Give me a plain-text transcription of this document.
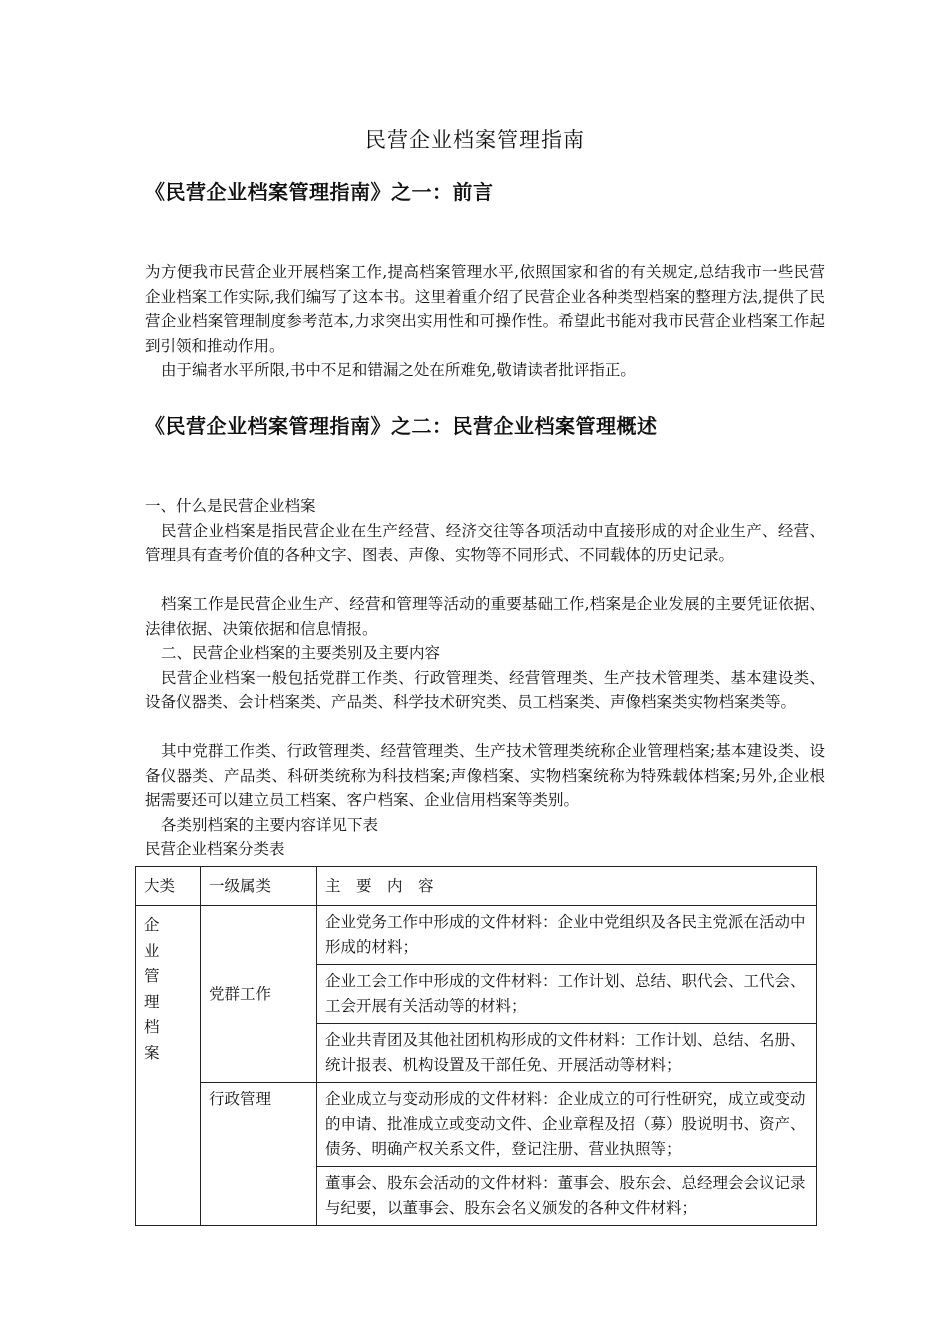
民营企业档案管理指南
《民营企业档案管理指南》之一：前言

为方便我市民营企业开展档案工作,提高档案管理水平,依照国家和省的有关规定,总结我市一些民营企业档案工作实际,我们编写了这本书。这里着重介绍了民营企业各种类型档案的整理方法,提供了民营企业档案管理制度参考范本,力求突出实用性和可操作性。希望此书能对我市民营企业档案工作起到引领和推动作用。

由于编者水平所限,书中不足和错漏之处在所难免,敬请读者批评指正。

《民营企业档案管理指南》之二：民营企业档案管理概述

一、什么是民营企业档案

民营企业档案是指民营企业在生产经营、经济交往等各项活动中直接形成的对企业生产、经营、管理具有查考价值的各种文字、图表、声像、实物等不同形式、不同载体的历史记录。

档案工作是民营企业生产、经营和管理等活动的重要基础工作,档案是企业发展的主要凭证依据、法律依据、决策依据和信息情报。

二、民营企业档案的主要类别及主要内容

民营企业档案一般包括党群工作类、行政管理类、经营管理类、生产技术管理类、基本建设类、设备仪器类、会计档案类、产品类、科学技术研究类、员工档案类、声像档案类实物档案类等。

其中党群工作类、行政管理类、经营管理类、生产技术管理类统称企业管理档案;基本建设类、设备仪器类、产品类、科研类统称为科技档案;声像档案、实物档案统称为特殊载体档案;另外,企业根据需要还可以建立员工档案、客户档案、企业信用档案等类别。

各类别档案的主要内容详见下表

民营企业档案分类表

大类	一级属类	主　要　内　容

企业管理档案	党群工作	企业党务工作中形成的文件材料：企业中党组织及各民主党派在活动中形成的材料；
		企业工会工作中形成的文件材料：工作计划、总结、职代会、工代会、工会开展有关活动等的材料；
		企业共青团及其他社团机构形成的文件材料：工作计划、总结、名册、统计报表、机构设置及干部任免、开展活动等材料；
	行政管理	企业成立与变动形成的文件材料：企业成立的可行性研究，成立或变动的申请、批准成立或变动文件、企业章程及招（募）股说明书、资产、债务、明确产权关系文件，登记注册、营业执照等；
		董事会、股东会活动的文件材料：董事会、股东会、总经理会会议记录与纪要，以董事会、股东会名义颁发的各种文件材料；
